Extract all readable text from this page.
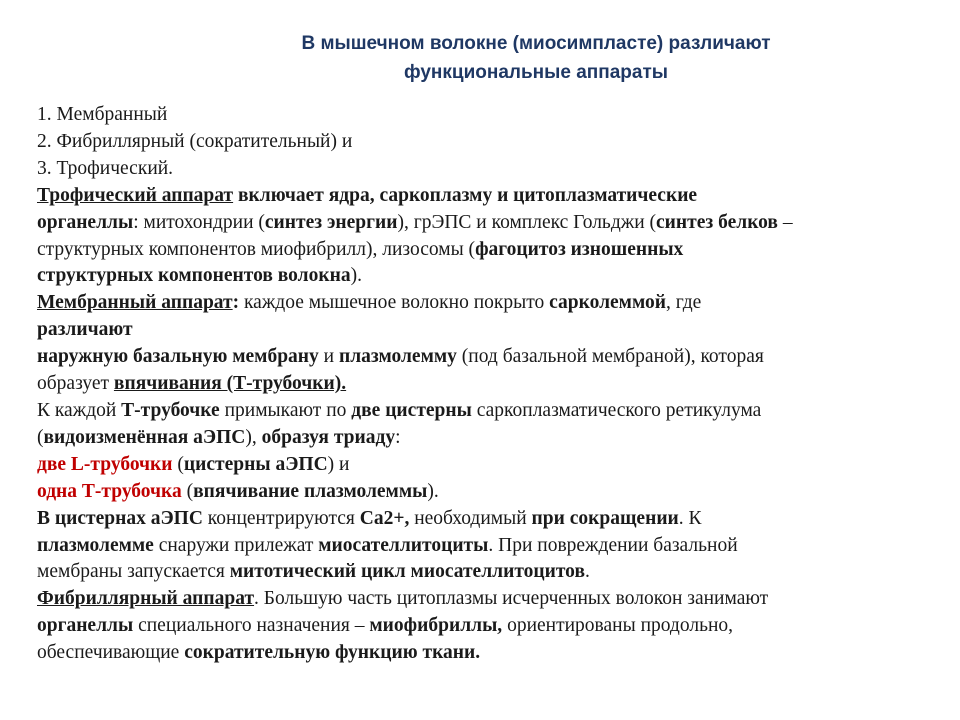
В мышечном волокне (миосимпласте) различают
функциональные аппараты
1. Мембранный
2. Фибриллярный (сократительный) и
3. Трофический.
Трофический аппарат включает ядра, саркоплазму и цитоплазматические
органеллы: митохондрии (синтез энергии), грЭПС и комплекс Гольджи (синтез белков –
структурных компонентов миофибрилл), лизосомы (фагоцитоз изношенных
структурных компонентов волокна).
Мембранный аппарат: каждое мышечное волокно покрыто сарколеммой, где
различают
наружную базальную мембрану и плазмолемму (под базальной мембраной), которая
образует впячивания (Т-трубочки).
К каждой Т-трубочке примыкают по две цистерны саркоплазматического ретикулума
(видоизменённая аЭПС), образуя триаду:
две L-трубочки (цистерны аЭПС) и
одна Т-трубочка (впячивание плазмолеммы).
В цистернах аЭПС концентрируются Са2+, необходимый при сокращении. К
плазмолемме снаружи прилежат миосателлитоциты. При повреждении базальной
мембраны запускается митотический цикл миосателлитоцитов.
Фибриллярный аппарат. Большую часть цитоплазмы исчерченных волокон занимают
органеллы специального назначения – миофибриллы, ориентированы продольно,
обеспечивающие сократительную функцию ткани.
